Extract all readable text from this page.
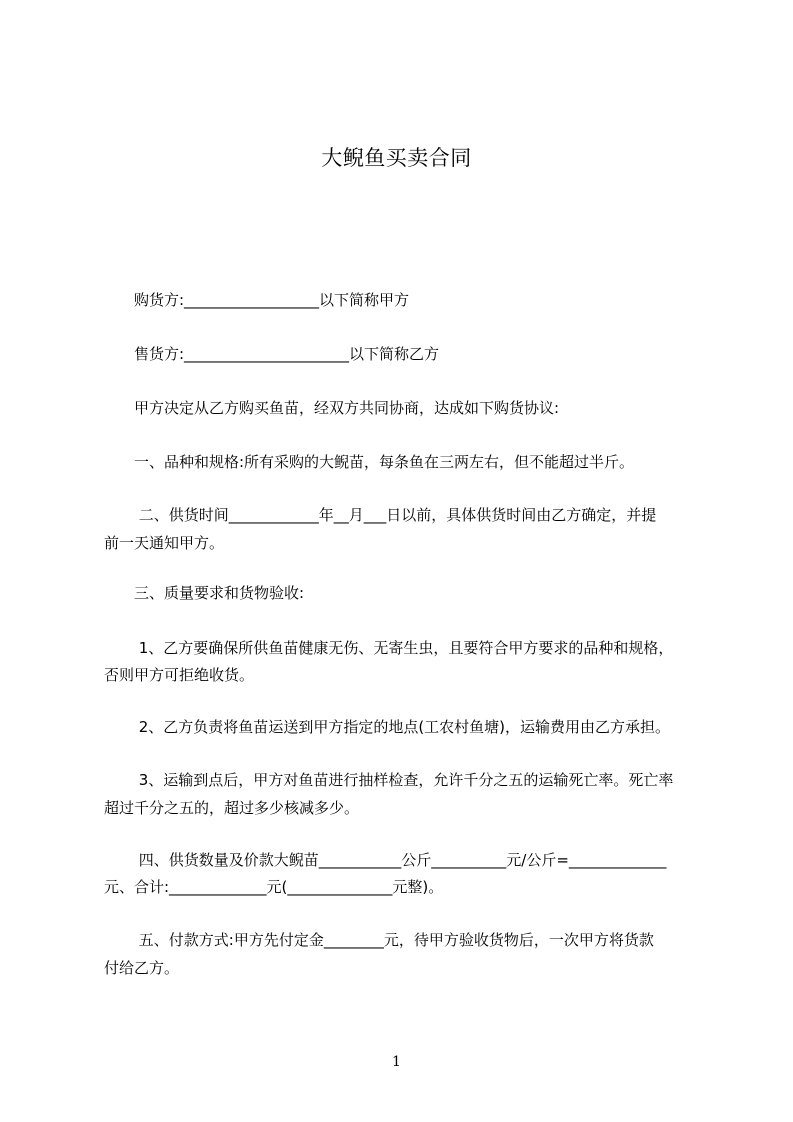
大鲵鱼买卖合同
　　购货方:__________________以下简称甲方
　　售货方:______________________以下简称乙方
　　甲方决定从乙方购买鱼苗，经双方共同协商，达成如下购货协议:
　　一、品种和规格:所有采购的大鲵苗，每条鱼在三两左右，但不能超过半斤。
　　 二、供货时间____________年__月___日以前，具体供货时间由乙方确定，并提
前一天通知甲方。
　　三、质量要求和货物验收:
　　 1、乙方要确保所供鱼苗健康无伤、无寄生虫，且要符合甲方要求的品种和规格，
否则甲方可拒绝收货。
　　 2、乙方负责将鱼苗运送到甲方指定的地点(工农村鱼塘)，运输费用由乙方承担。
　　 3、运输到点后，甲方对鱼苗进行抽样检查，允许千分之五的运输死亡率。死亡率
超过千分之五的，超过多少核减多少。
　　 四、供货数量及价款大鲵苗___________公斤__________元/公斤=_____________
元、合计:_____________元(______________元整)。
　　 五、付款方式:甲方先付定金________元，待甲方验收货物后，一次甲方将货款
付给乙方。
1
